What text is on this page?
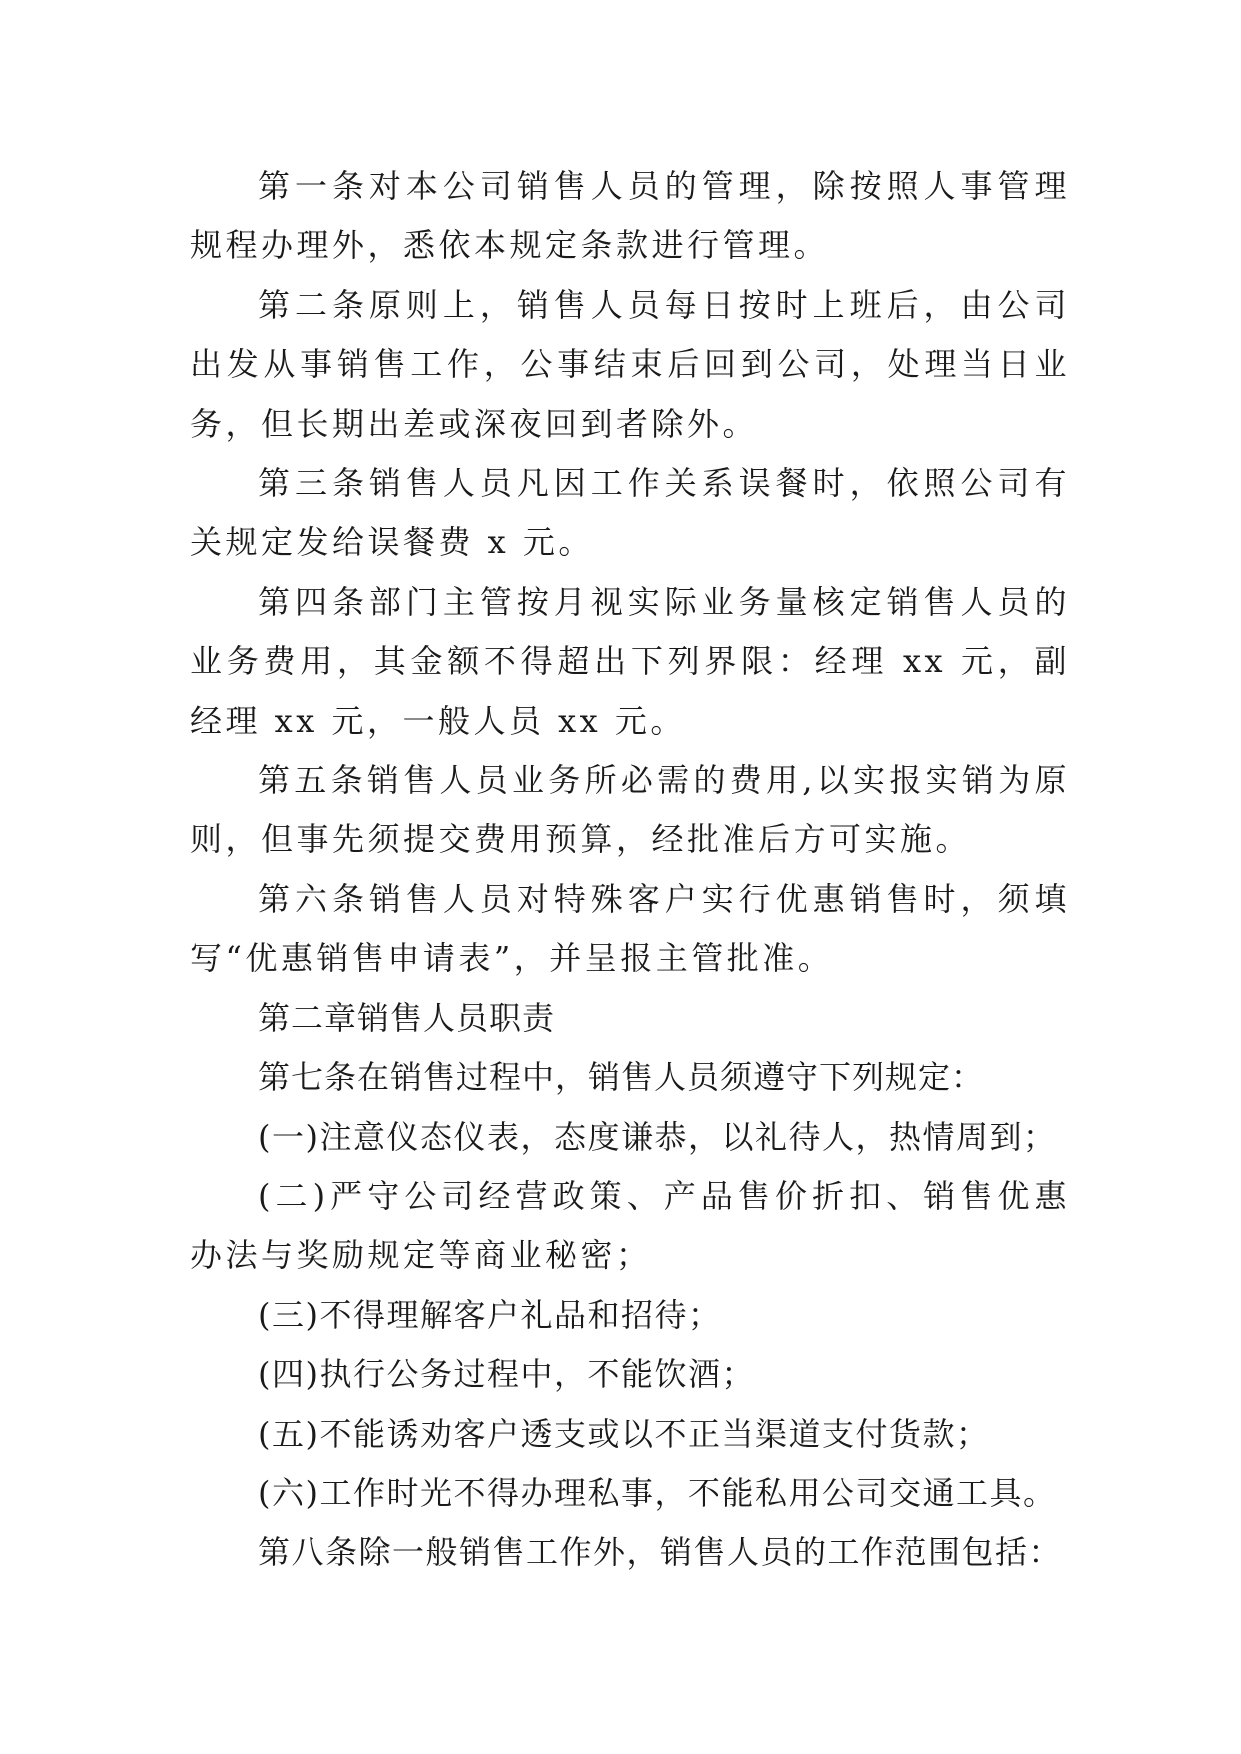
第一条对本公司销售人员的管理，除按照人事管理规程办理外，悉依本规定条款进行管理。

第二条原则上，销售人员每日按时上班后，由公司出发从事销售工作，公事结束后回到公司，处理当日业务，但长期出差或深夜回到者除外。

第三条销售人员凡因工作关系误餐时，依照公司有关规定发给误餐费 x 元。

第四条部门主管按月视实际业务量核定销售人员的业务费用，其金额不得超出下列界限：经理 xx 元，副经理 xx 元，一般人员 xx 元。

第五条销售人员业务所必需的费用,以实报实销为原则，但事先须提交费用预算，经批准后方可实施。

第六条销售人员对特殊客户实行优惠销售时，须填写“优惠销售申请表”，并呈报主管批准。

第二章销售人员职责

第七条在销售过程中，销售人员须遵守下列规定：

(一)注意仪态仪表，态度谦恭，以礼待人，热情周到；

(二)严守公司经营政策、产品售价折扣、销售优惠办法与奖励规定等商业秘密；

(三)不得理解客户礼品和招待；

(四)执行公务过程中，不能饮酒；

(五)不能诱劝客户透支或以不正当渠道支付货款；

(六)工作时光不得办理私事，不能私用公司交通工具。

第八条除一般销售工作外，销售人员的工作范围包括：
